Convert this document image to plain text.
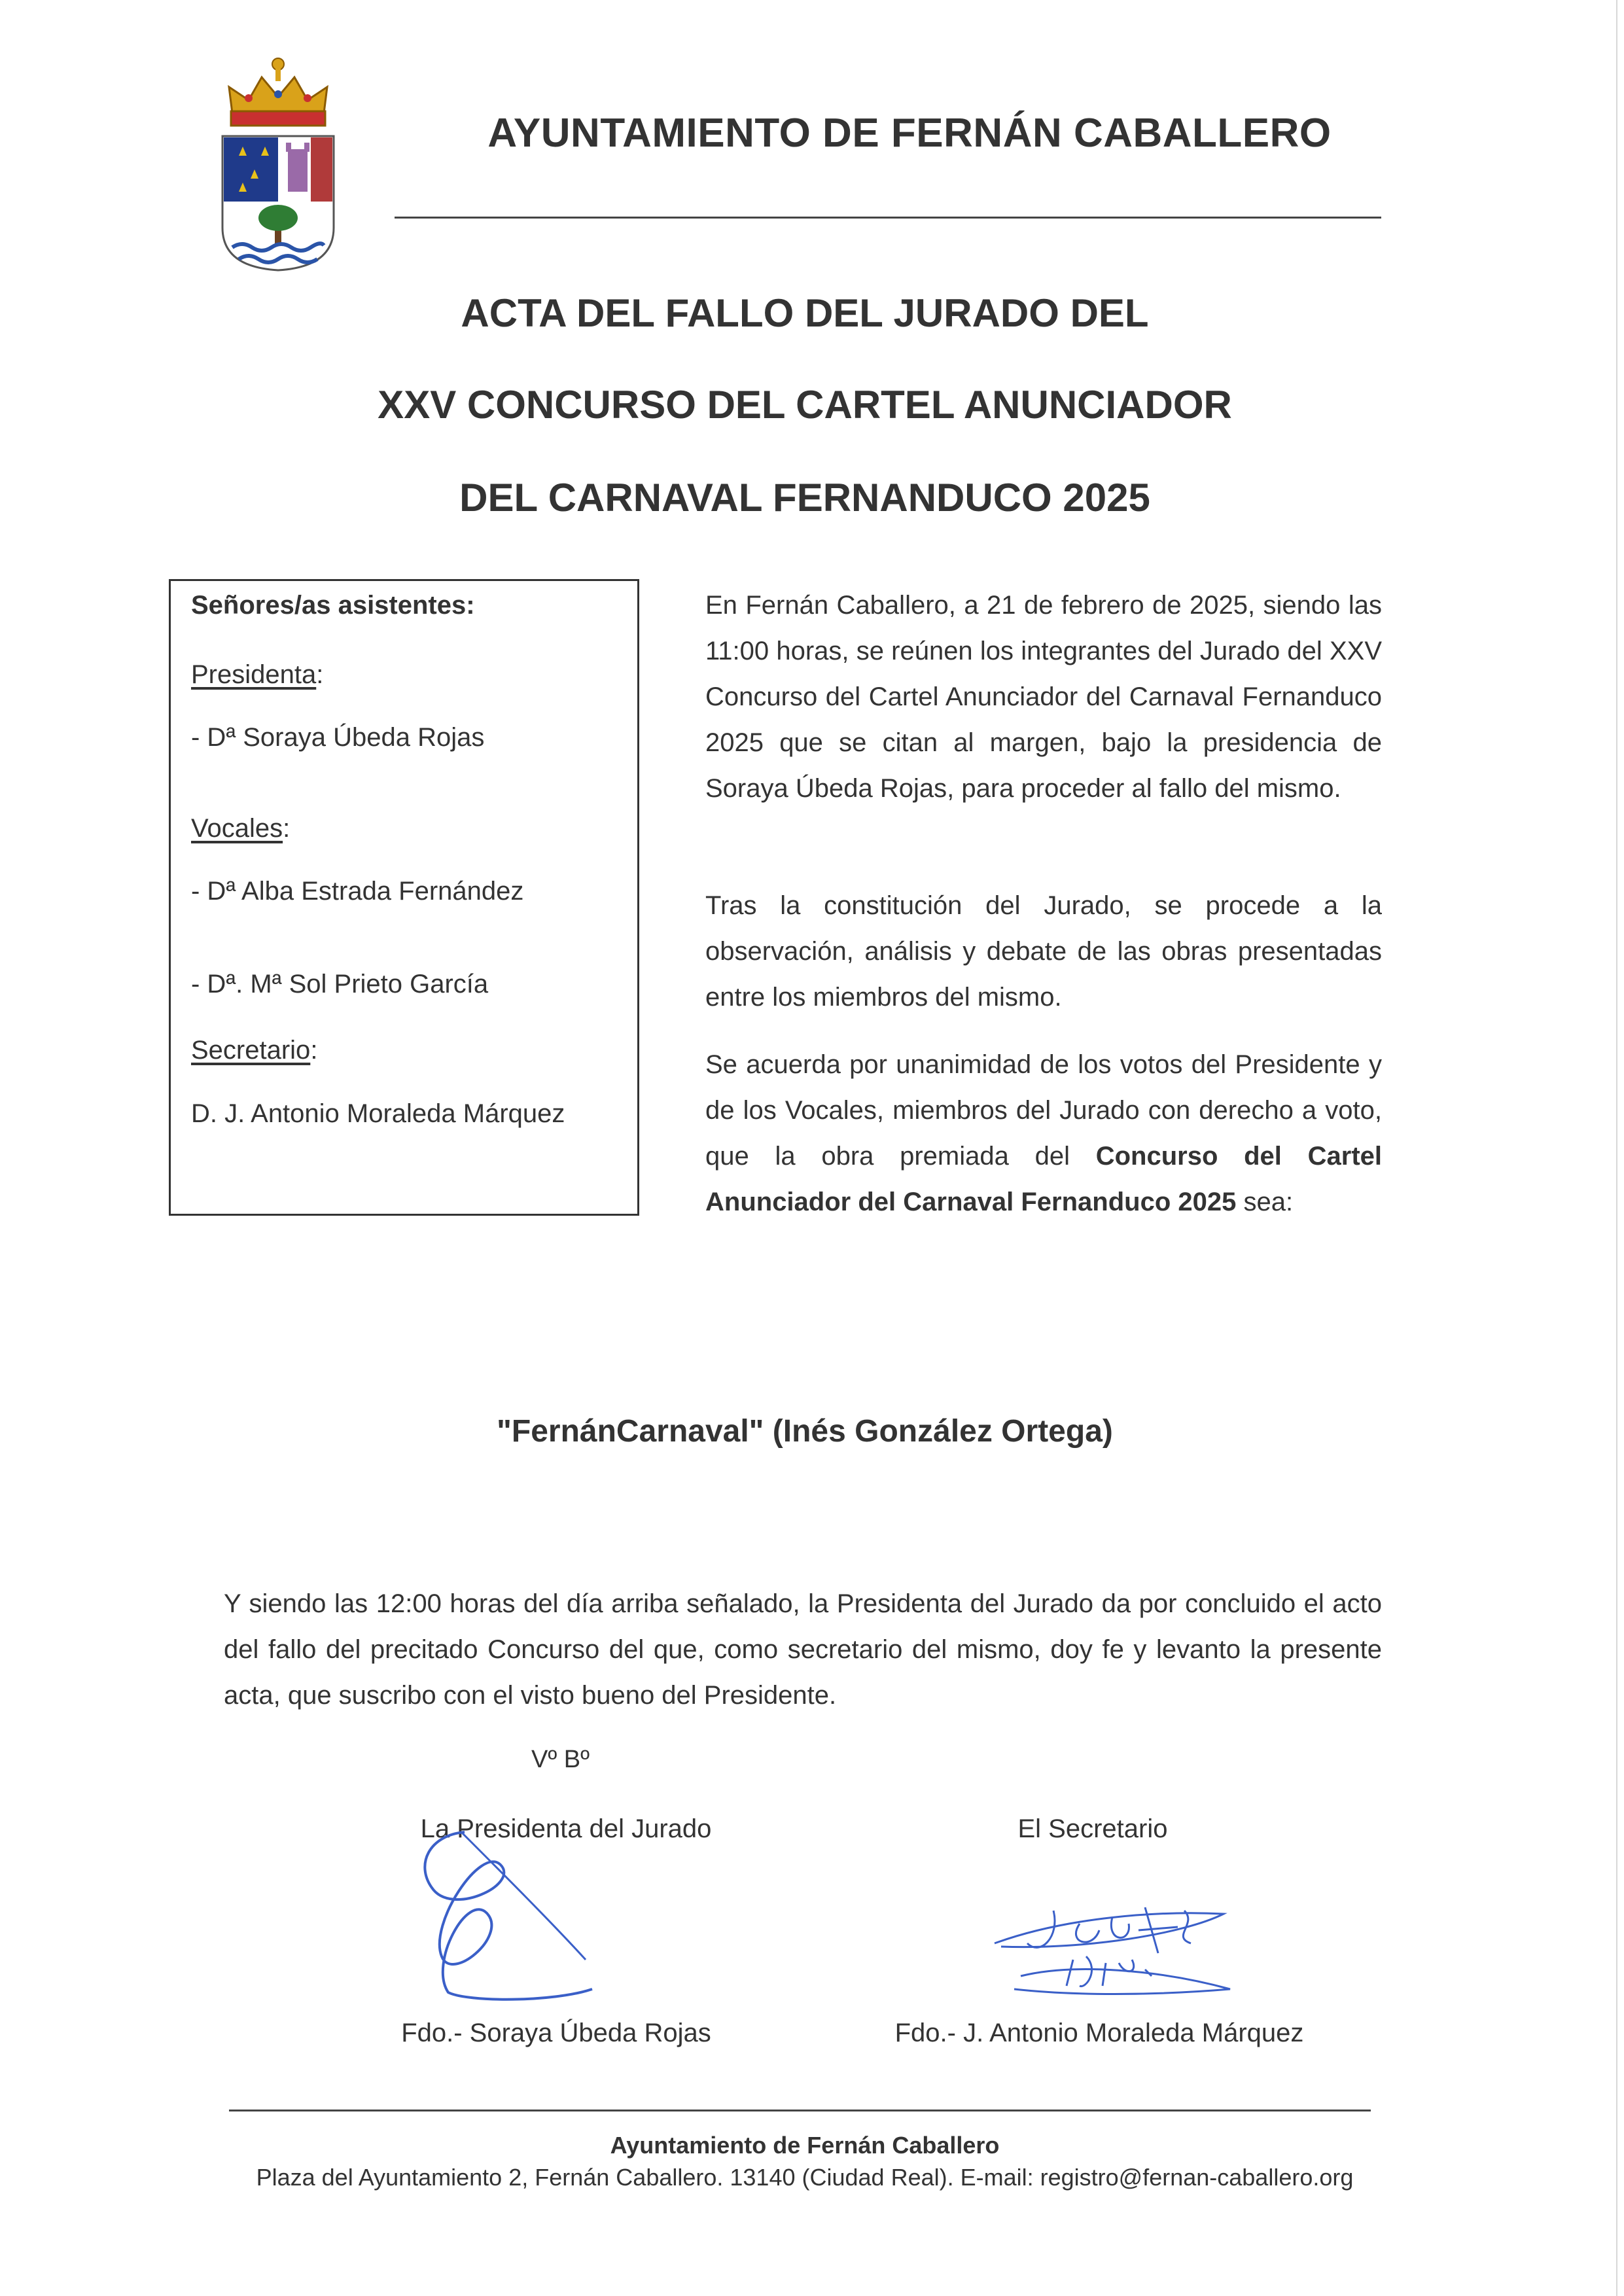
AYUNTAMIENTO DE FERNÁN CABALLERO
ACTA DEL FALLO DEL JURADO DEL
XXV CONCURSO DEL CARTEL ANUNCIADOR
DEL CARNAVAL FERNANDUCO 2025
Señores/as asistentes:
Presidenta:
- Dª Soraya Úbeda Rojas
Vocales:
- Dª Alba Estrada Fernández
- Dª. Mª Sol Prieto García
Secretario:
D. J. Antonio Moraleda Márquez
En Fernán Caballero, a 21 de febrero de 2025, siendo las 11:00 horas, se reúnen los integrantes del Jurado del XXV Concurso del Cartel Anunciador del Carnaval Fernanduco 2025 que se citan al margen, bajo la presidencia de Soraya Úbeda Rojas, para proceder al fallo del mismo.
Tras la constitución del Jurado, se procede a la observación, análisis y debate de las obras presentadas entre los miembros del mismo.
Se acuerda por unanimidad de los votos del Presidente y de los Vocales, miembros del Jurado con derecho a voto, que la obra premiada del Concurso del Cartel Anunciador del Carnaval Fernanduco 2025 sea:
"FernánCarnaval" (Inés González Ortega)
Y siendo las 12:00 horas del día arriba señalado, la Presidenta del Jurado da por concluido el acto del fallo del precitado Concurso del que, como secretario del mismo, doy fe y levanto la presente acta, que suscribo con el visto bueno del Presidente.
Vº Bº
La Presidenta del Jurado	El Secretario
Fdo.- Soraya Úbeda Rojas	Fdo.- J. Antonio Moraleda Márquez
Ayuntamiento de Fernán Caballero
Plaza del Ayuntamiento 2, Fernán Caballero. 13140 (Ciudad Real). E-mail: registro@fernan-caballero.org
